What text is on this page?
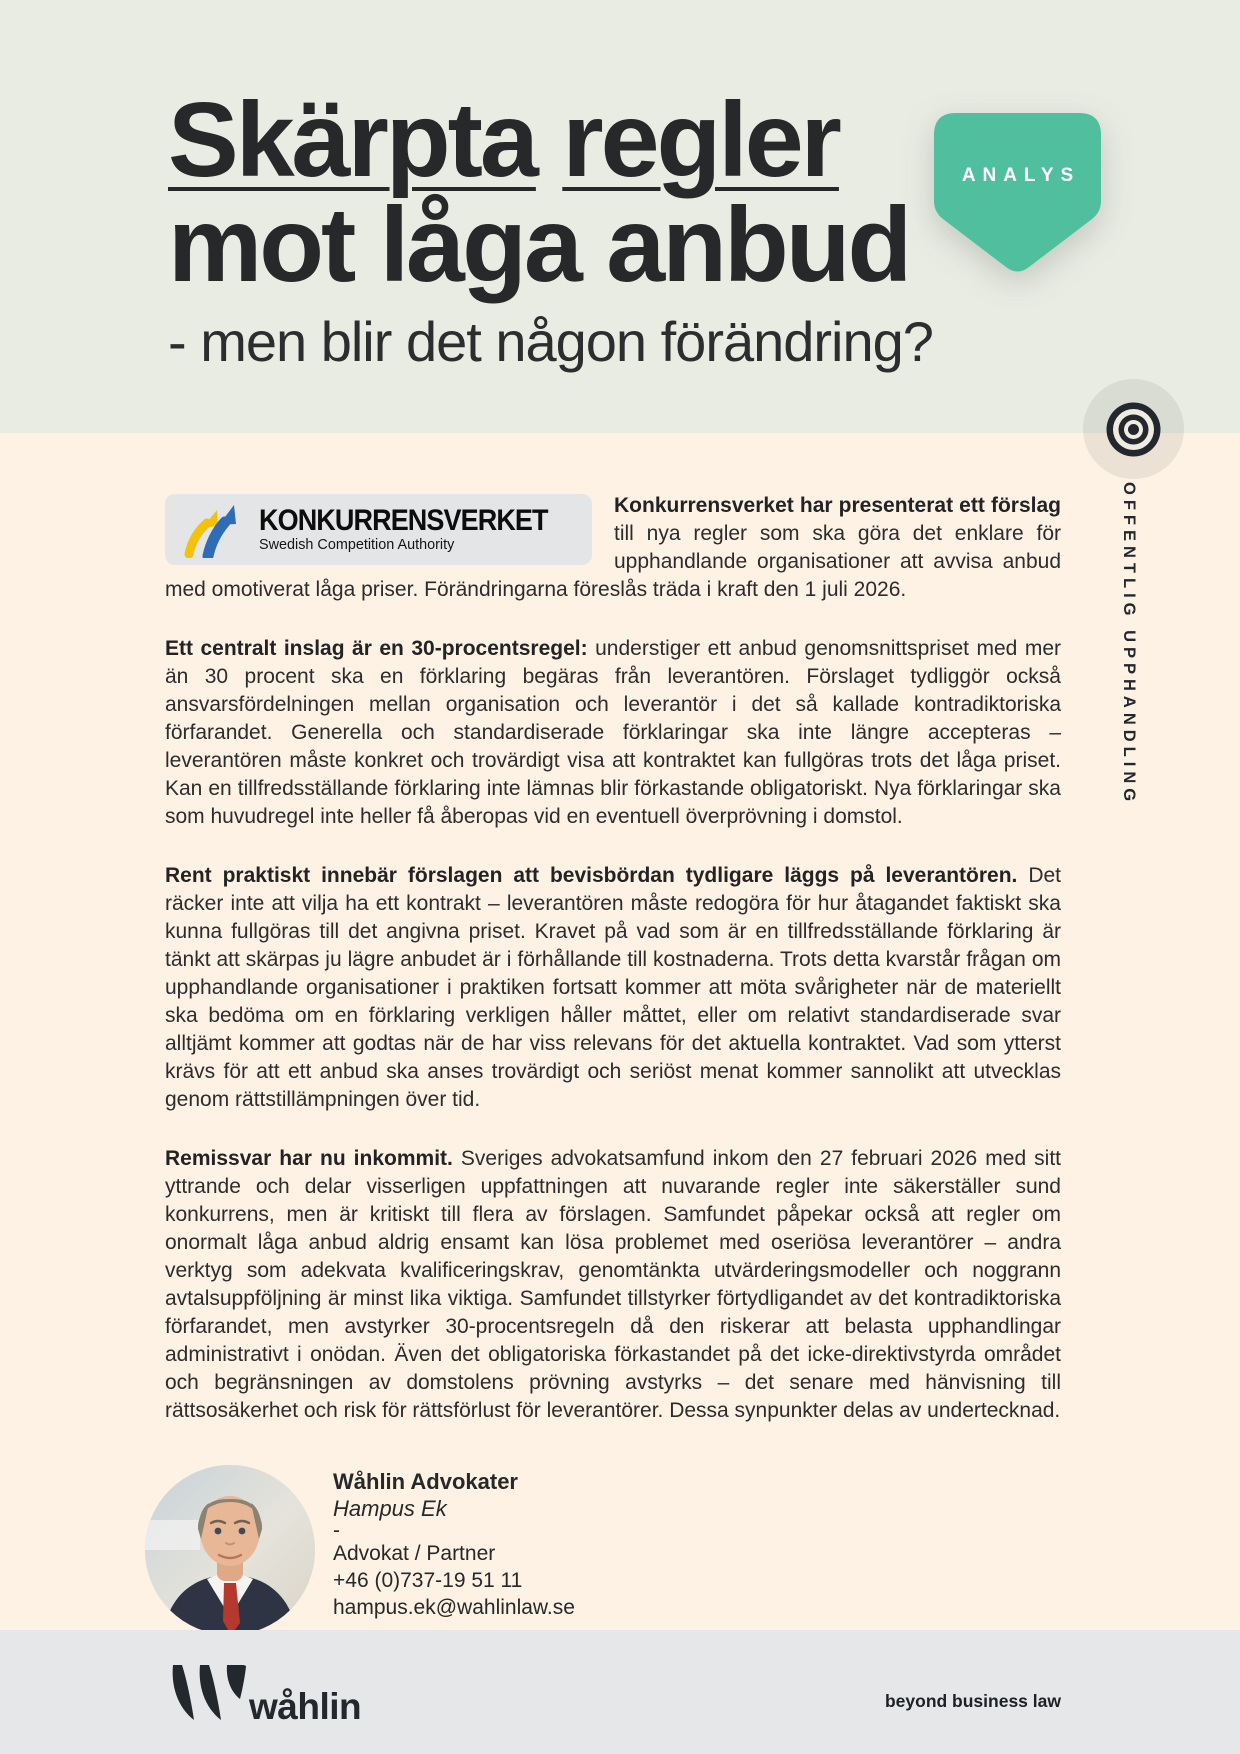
Skärpta regler
mot låga anbud
- men blir det någon förändring?
ANALYS
OFFENTLIG UPPHANDLING
KONKURRENSVERKET
Swedish Competition Authority

Konkurrensverket har presenterat ett förslag till nya regler som ska göra det enklare för upphandlande organisationer att avvisa anbud med omotiverat låga priser. Förändringarna föreslås träda i kraft den 1 juli 2026.

Ett centralt inslag är en 30-procentsregel: understiger ett anbud genomsnittspriset med mer än 30 procent ska en förklaring begäras från leverantören. Förslaget tydliggör också ansvarsfördelningen mellan organisation och leverantör i det så kallade kontradiktoriska förfarandet. Generella och standardiserade förklaringar ska inte längre accepteras – leverantören måste konkret och trovärdigt visa att kontraktet kan fullgöras trots det låga priset. Kan en tillfredsställande förklaring inte lämnas blir förkastande obligatoriskt. Nya förklaringar ska som huvudregel inte heller få åberopas vid en eventuell överprövning i domstol.

Rent praktiskt innebär förslagen att bevisbördan tydligare läggs på leverantören. Det räcker inte att vilja ha ett kontrakt – leverantören måste redogöra för hur åtagandet faktiskt ska kunna fullgöras till det angivna priset. Kravet på vad som är en tillfredsställande förklaring är tänkt att skärpas ju lägre anbudet är i förhållande till kostnaderna. Trots detta kvarstår frågan om upphandlande organisationer i praktiken fortsatt kommer att möta svårigheter när de materiellt ska bedöma om en förklaring verkligen håller måttet, eller om relativt standardiserade svar alltjämt kommer att godtas när de har viss relevans för det aktuella kontraktet. Vad som ytterst krävs för att ett anbud ska anses trovärdigt och seriöst menat kommer sannolikt att utvecklas genom rättstillämpningen över tid.

Remissvar har nu inkommit. Sveriges advokatsamfund inkom den 27 februari 2026 med sitt yttrande och delar visserligen uppfattningen att nuvarande regler inte säkerställer sund konkurrens, men är kritiskt till flera av förslagen. Samfundet påpekar också att regler om onormalt låga anbud aldrig ensamt kan lösa problemet med oseriösa leverantörer – andra verktyg som adekvata kvalificeringskrav, genomtänkta utvärderingsmodeller och noggrann avtalsuppföljning är minst lika viktiga. Samfundet tillstyrker förtydligandet av det kontradiktoriska förfarandet, men avstyrker 30-procentsregeln då den riskerar att belasta upphandlingar administrativt i onödan. Även det obligatoriska förkastandet på det icke-direktivstyrda området och begränsningen av domstolens prövning avstyrks – det senare med hänvisning till rättsosäkerhet och risk för rättsförlust för leverantörer. Dessa synpunkter delas av undertecknad.

Wåhlin Advokater
Hampus Ek
-
Advokat / Partner
+46 (0)737-19 51 11
hampus.ek@wahlinlaw.se
wåhlin	beyond business law
